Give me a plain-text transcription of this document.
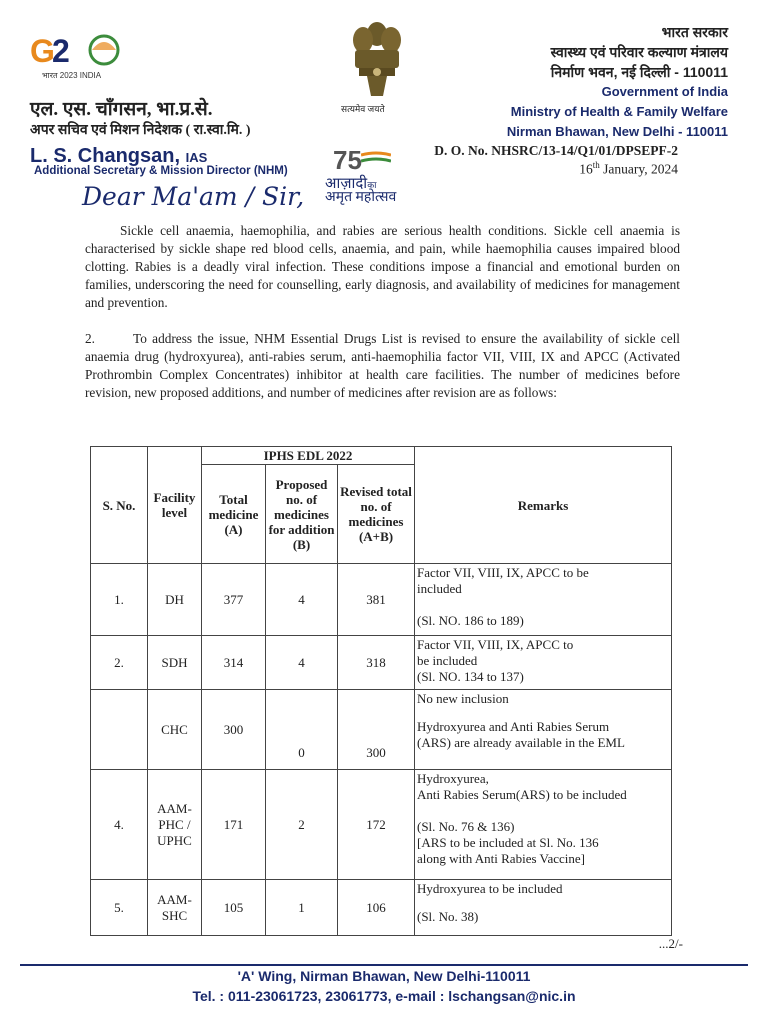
G
2
भारत 2023 INDIA
सत्यमेव जयते
एल. एस. चाँगसन, भा.प्र.से.
अपर सचिव एवं मिशन निदेशक ( रा.स्वा.मि. )
L. S. Changsan, IAS
Additional Secretary & Mission Director (NHM)
भारत सरकार
स्वास्थ्य एवं परिवार कल्याण मंत्रालय
निर्माण भवन, नई दिल्ली - 110011
Government of India
Ministry of Health & Family Welfare
Nirman Bhawan, New Delhi - 110011
75
आज़ादीका
अमृत महोत्सव
D. O. No. NHSRC/13-14/Q1/01/DPSEPF-2
16th January, 2024
Dear Ma'am / Sir,
Sickle cell anaemia, haemophilia, and rabies are serious health conditions. Sickle cell anaemia is characterised by sickle shape red blood cells, anaemia, and pain, while haemophilia causes impaired blood clotting. Rabies is a deadly viral infection. These conditions impose a financial and emotional burden on families, underscoring the need for counselling, early diagnosis, and availability of medicines for management and prevention.
2.	To address the issue, NHM Essential Drugs List is revised to ensure the availability of sickle cell anaemia drug (hydroxyurea), anti-rabies serum, anti-haemophilia factor VII, VIII, IX and APCC (Activated Prothrombin Complex Concentrates) inhibitor at health care facilities. The number of medicines before revision, new proposed additions, and number of medicines after revision are as follows:
S. No.	Facility level	IPHS EDL 2022			Remarks
		Total medicine (A)	Proposed no. of medicines for addition (B)	Revised total no. of medicines (A+B)	
1.	DH	377	4	381	Factor VII, VIII, IX, APCC to be
included
(Sl. NO. 186 to 189)

2.	SDH	314	4	318	Factor VII, VIII, IX, APCC to
be included
(Sl. NO. 134 to 137)

	CHC	300	0	300	No new inclusion
Hydroxyurea and Anti Rabies Serum
(ARS) are already available in the EML

4.	AAM-PHC / UPHC	171	2	172	Hydroxyurea,
Anti Rabies Serum(ARS) to be included
(Sl. No. 76 & 136)
[ARS to be included at Sl. No. 136
along with Anti Rabies Vaccine]

5.	AAM-SHC	105	1	106	Hydroxyurea to be included
(Sl. No. 38)
...2/-
'A' Wing, Nirman Bhawan, New Delhi-110011
Tel. : 011-23061723, 23061773, e-mail : lschangsan@nic.in
